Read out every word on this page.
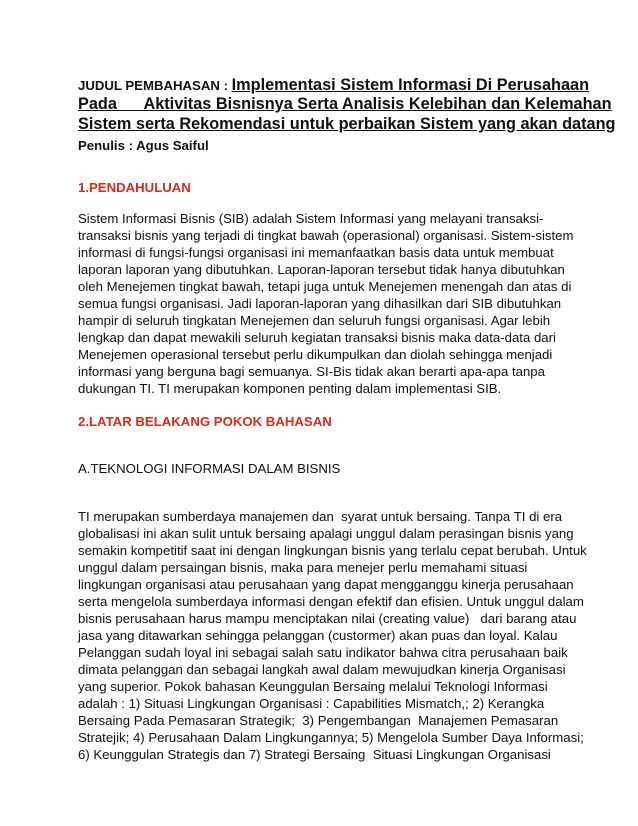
JUDUL PEMBAHASAN : Implementasi Sistem Informasi Di Perusahaan
Pada      Aktivitas Bisnisnya Serta Analisis Kelebihan dan Kelemahan
Sistem serta Rekomendasi untuk perbaikan Sistem yang akan datang
Penulis : Agus Saiful
1.PENDAHULUAN
Sistem Informasi Bisnis (SIB) adalah Sistem Informasi yang melayani transaksi-
transaksi bisnis yang terjadi di tingkat bawah (operasional) organisasi. Sistem-sistem
informasi di fungsi-fungsi organisasi ini memanfaatkan basis data untuk membuat
laporan laporan yang dibutuhkan. Laporan-laporan tersebut tidak hanya dibutuhkan
oleh Menejemen tingkat bawah, tetapi juga untuk Menejemen menengah dan atas di
semua fungsi organisasi. Jadi laporan-laporan yang dihasilkan dari SIB dibutuhkan
hampir di seluruh tingkatan Menejemen dan seluruh fungsi organisasi. Agar lebih
lengkap dan dapat mewakili seluruh kegiatan transaksi bisnis maka data-data dari
Menejemen operasional tersebut perlu dikumpulkan dan diolah sehingga menjadi
informasi yang berguna bagi semuanya. SI-Bis tidak akan berarti apa-apa tanpa
dukungan TI. TI merupakan komponen penting dalam implementasi SIB.
2.LATAR BELAKANG POKOK BAHASAN
A.TEKNOLOGI INFORMASI DALAM BISNIS
TI merupakan sumberdaya manajemen dan  syarat untuk bersaing. Tanpa TI di era
globalisasi ini akan sulit untuk bersaing apalagi unggul dalam perasingan bisnis yang
semakin kompetitif saat ini dengan lingkungan bisnis yang terlalu cepat berubah. Untuk
unggul dalam persaingan bisnis, maka para menejer perlu memahami situasi
lingkungan organisasi atau perusahaan yang dapat mengganggu kinerja perusahaan
serta mengelola sumberdaya informasi dengan efektif dan efisien. Untuk unggul dalam
bisnis perusahaan harus mampu menciptakan nilai (creating value)   dari barang atau
jasa yang ditawarkan sehingga pelanggan (custormer) akan puas dan loyal. Kalau
Pelanggan sudah loyal ini sebagai salah satu indikator bahwa citra perusahaan baik
dimata pelanggan dan sebagai langkah awal dalam mewujudkan kinerja Organisasi
yang superior. Pokok bahasan Keunggulan Bersaing melalui Teknologi Informasi
adalah : 1) Situasi Lingkungan Organisasi : Capabilities Mismatch,; 2) Kerangka
Bersaing Pada Pemasaran Strategik;  3) Pengembangan  Manajemen Pemasaran
Stratejik; 4) Perusahaan Dalam Lingkungannya; 5) Mengelola Sumber Daya Informasi;
6) Keunggulan Strategis dan 7) Strategi Bersaing  Situasi Lingkungan Organisasi
